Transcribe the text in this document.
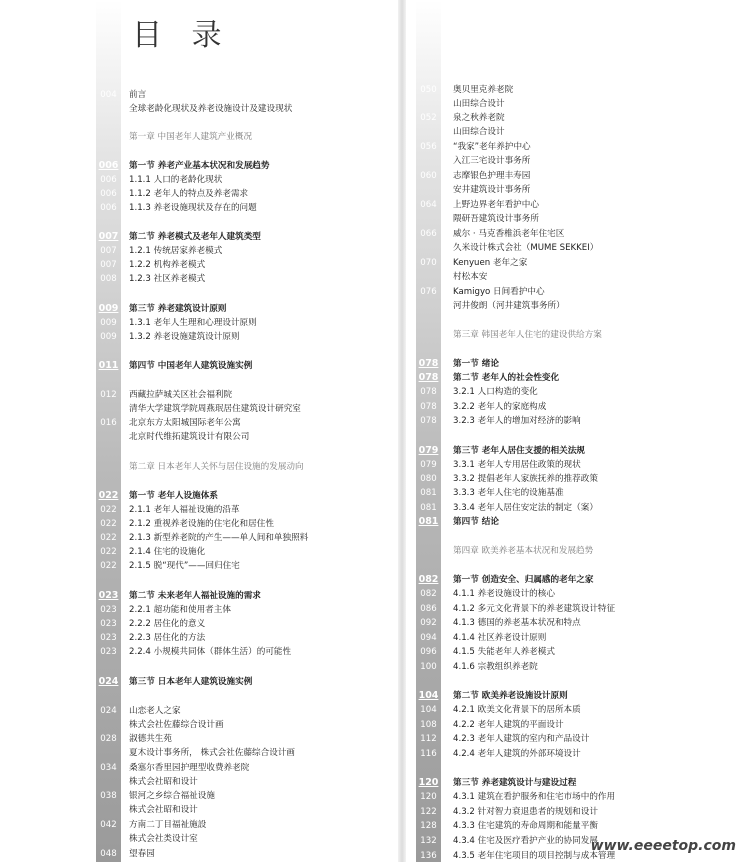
目 录
004	前言
全球老龄化现状及养老设施设计及建设现状
第一章 中国老年人建筑产业概况
006 第一节 养老产业基本状况和发展趋势
006	1.1.1 人口的老龄化现状
006	1.1.2 老年人的特点及养老需求
006	1.1.3 养老设施现状及存在的问题
007 第二节 养老模式及老年人建筑类型
007	1.2.1 传统居家养老模式
007	1.2.2 机构养老模式
008	1.2.3 社区养老模式
009 第三节 养老建筑设计原则
009	1.3.1 老年人生理和心理设计原则
009	1.3.2 养老设施建筑设计原则
011 第四节 中国老年人建筑设施实例
012	西藏拉萨城关区社会福利院
清华大学建筑学院周燕珉居住建筑设计研究室
016	北京东方太阳城国际老年公寓
北京时代维拓建筑设计有限公司
第二章 日本老年人关怀与居住设施的发展动向
022 第一节 老年人设施体系
022	2.1.1 老年人福祉设施的沿革
022	2.1.2 重视养老设施的住宅化和居住性
022	2.1.3 新型养老院的产生——单人间和单独照料
022	2.1.4 住宅的设施化
022	2.1.5 脱“现代”——回归住宅
023 第二节 未来老年人福祉设施的需求
023	2.2.1 超功能和使用者主体
023	2.2.2 居住化的意义
023	2.2.3 居住化的方法
023	2.2.4 小规模共同体（群体生活）的可能性
024 第三节 日本老年人建筑设施实例
024	山恋老人之家
株式会社佐藤综合设计画
028	淑德共生苑
夏木设计事务所， 株式会社佐藤综合设计画
034	桑塞尔香里园护理型收费养老院
株式会社昭和设计
038	银河之乡综合福祉设施
株式会社昭和设计
042	方南二丁目福祉施設
株式会社类设计室
048	望春园
050	奥贝里克养老院
山田综合设计
052	泉之秋养老院
山田综合设计
056	“我家”老年养护中心
入江三宅设计事务所
060	志摩银色护理丰寿园
安井建筑设计事务所
064	上野边界老年看护中心
隈研吾建筑设计事务所
066	威尔 · 马克香椎浜老年住宅区
久米设计株式会社（MUME SEKKEI）
070	Kenyuen 老年之家
村松本安
076	Kamigyo 日间看护中心
河井俊朗（河井建筑事务所）
第三章 韩国老年人住宅的建设供给方案
078 第一节 绪论
078 第二节 老年人的社会性变化
078	3.2.1 人口构造的变化
078	3.2.2 老年人的家庭构成
078	3.2.3 老年人的增加对经济的影响
079 第三节 老年人居住支援的相关法规
079	3.3.1 老年人专用居住政策的现状
080	3.3.2 提倡老年人家族抚养的推荐政策
081	3.3.3 老年人住宅的设施基准
081	3.3.4 老年人居住安定法的制定（案）
081 第四节 结论
第四章 欧美养老基本状况和发展趋势
082 第一节 创造安全、归属感的老年之家
082	4.1.1 养老设施设计的核心
086	4.1.2 多元文化背景下的养老建筑设计特征
092	4.1.3 德国的养老基本状况和特点
094	4.1.4 社区养老设计原则
096	4.1.5 失能老年人养老模式
100	4.1.6 宗教组织养老院
104 第二节 欧美养老设施设计原则
104	4.2.1 欧美文化背景下的居所本质
108	4.2.2 老年人建筑的平面设计
112	4.2.3 老年人建筑的室内和产品设计
116	4.2.4 老年人建筑的外部环境设计
120 第三节 养老建筑设计与建设过程
120	4.3.1 建筑在看护服务和住宅市场中的作用
122	4.3.2 针对智力衰退患者的规划和设计
128	4.3.3 住宅建筑的寿命周期和能量平衡
132	4.3.4 住宅及医疗看护产业的协同发展
136	4.3.5 老年住宅项目的项目控制与成本管理
www.eeeetop.com
